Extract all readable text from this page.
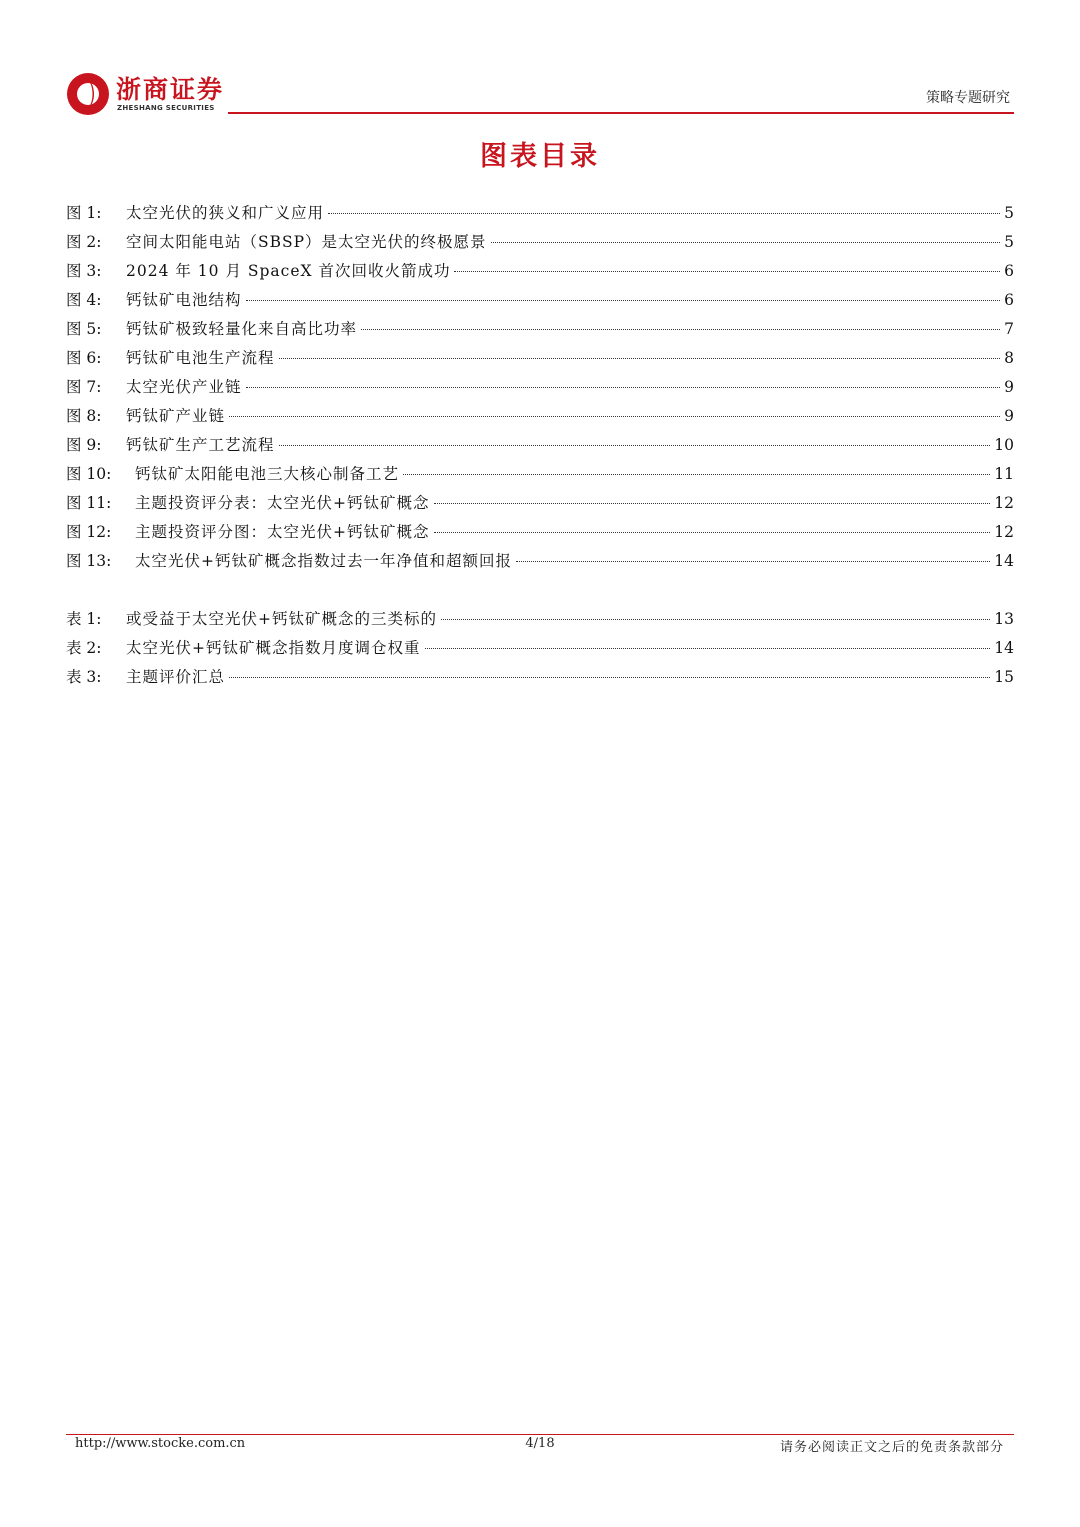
浙商证券
ZHESHANG SECURITIES
策略专题研究
图表目录
图 1:	太空光伏的狭义和广义应用	5
图 2:	空间太阳能电站（SBSP）是太空光伏的终极愿景	5
图 3:	2024 年 10 月 SpaceX 首次回收火箭成功	6
图 4:	钙钛矿电池结构	6
图 5:	钙钛矿极致轻量化来自高比功率	7
图 6:	钙钛矿电池生产流程	8
图 7:	太空光伏产业链	9
图 8:	钙钛矿产业链	9
图 9:	钙钛矿生产工艺流程	10
图 10:	钙钛矿太阳能电池三大核心制备工艺	11
图 11:	主题投资评分表：太空光伏+钙钛矿概念	12
图 12:	主题投资评分图：太空光伏+钙钛矿概念	12
图 13:	太空光伏+钙钛矿概念指数过去一年净值和超额回报	14
表 1:	或受益于太空光伏+钙钛矿概念的三类标的	13
表 2:	太空光伏+钙钛矿概念指数月度调仓权重	14
表 3:	主题评价汇总	15
http://www.stocke.com.cn	4/18	请务必阅读正文之后的免责条款部分
